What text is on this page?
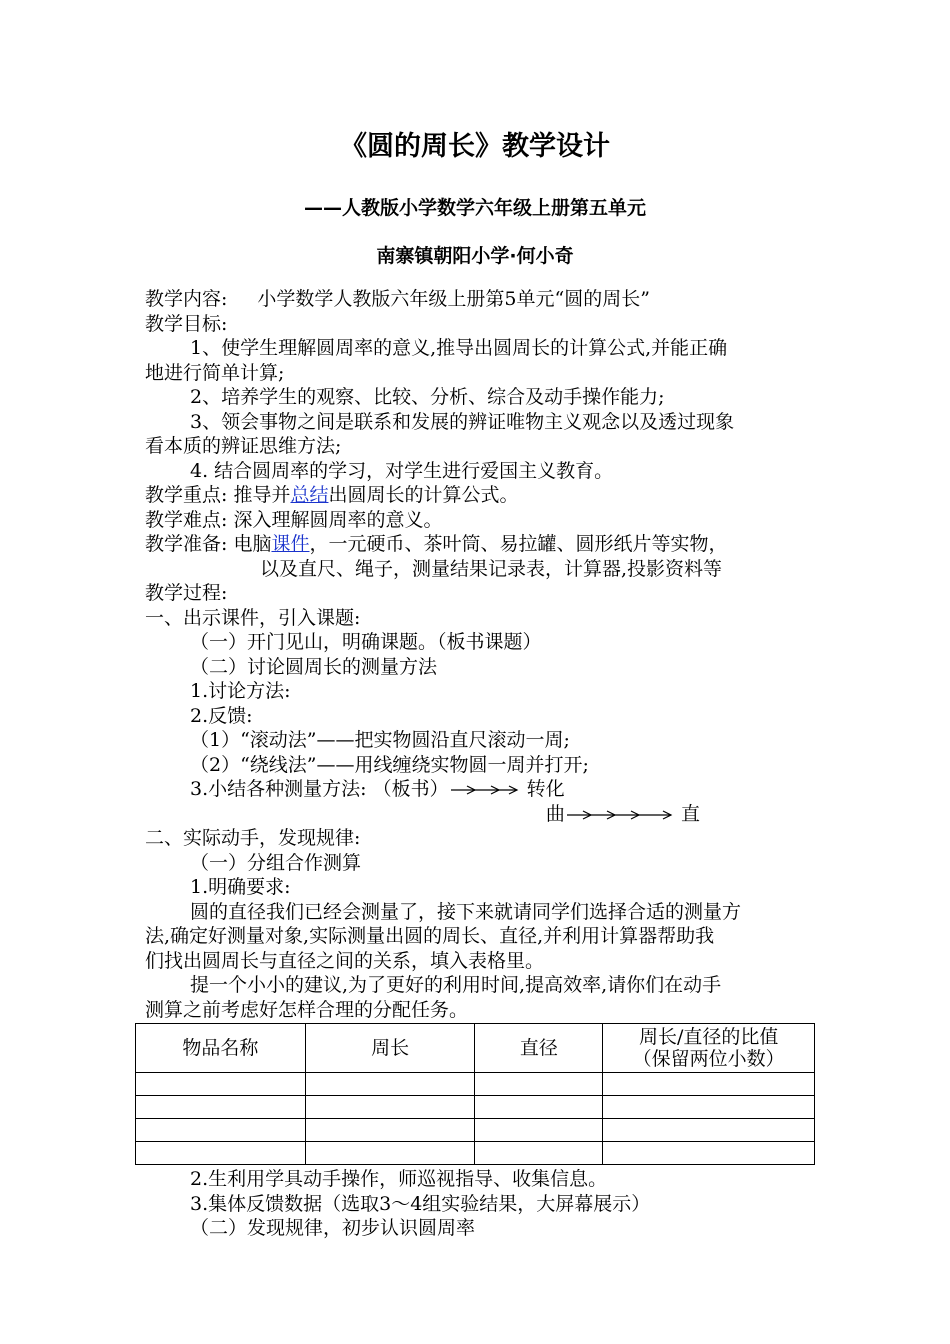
《圆的周长》教学设计
——人教版小学数学六年级上册第五单元
南寨镇朝阳小学·何小奇
教学内容: 小学数学人教版六年级上册第5单元“圆的周长”
教学目标:
1、使学生理解圆周率的意义,推导出圆周长的计算公式,并能正确
地进行简单计算;
2、培养学生的观察、比较、分析、综合及动手操作能力;
3、领会事物之间是联系和发展的辨证唯物主义观念以及透过现象
看本质的辨证思维方法;
4. 结合圆周率的学习，对学生进行爱国主义教育。
教学重点: 推导并总结出圆周长的计算公式。
教学难点: 深入理解圆周率的意义。
教学准备: 电脑课件，一元硬币、茶叶筒、易拉罐、圆形纸片等实物，
以及直尺、绳子，测量结果记录表，计算器,投影资料等
教学过程:
一、出示课件，引入课题:
（一）开门见山，明确课题。（板书课题）
（二）讨论圆周长的测量方法
1.讨论方法:
2.反馈:
（1）“滚动法”——把实物圆沿直尺滚动一周;
（2）“绕线法”——用线缠绕实物圆一周并打开;
3.小结各种测量方法: （板书）	转化
曲	直
二、实际动手，发现规律:
（一）分组合作测算
1.明确要求:
圆的直径我们已经会测量了，接下来就请同学们选择合适的测量方
法,确定好测量对象,实际测量出圆的周长、直径,并利用计算器帮助我
们找出圆周长与直径之间的关系，填入表格里。
提一个小小的建议,为了更好的利用时间,提高效率,请你们在动手
测算之前考虑好怎样合理的分配任务。
物品名称	周长	直径	周长/直径的比值
（保留两位小数）

2.生利用学具动手操作，师巡视指导、收集信息。
3.集体反馈数据（选取3～4组实验结果，大屏幕展示）
（二）发现规律，初步认识圆周率
